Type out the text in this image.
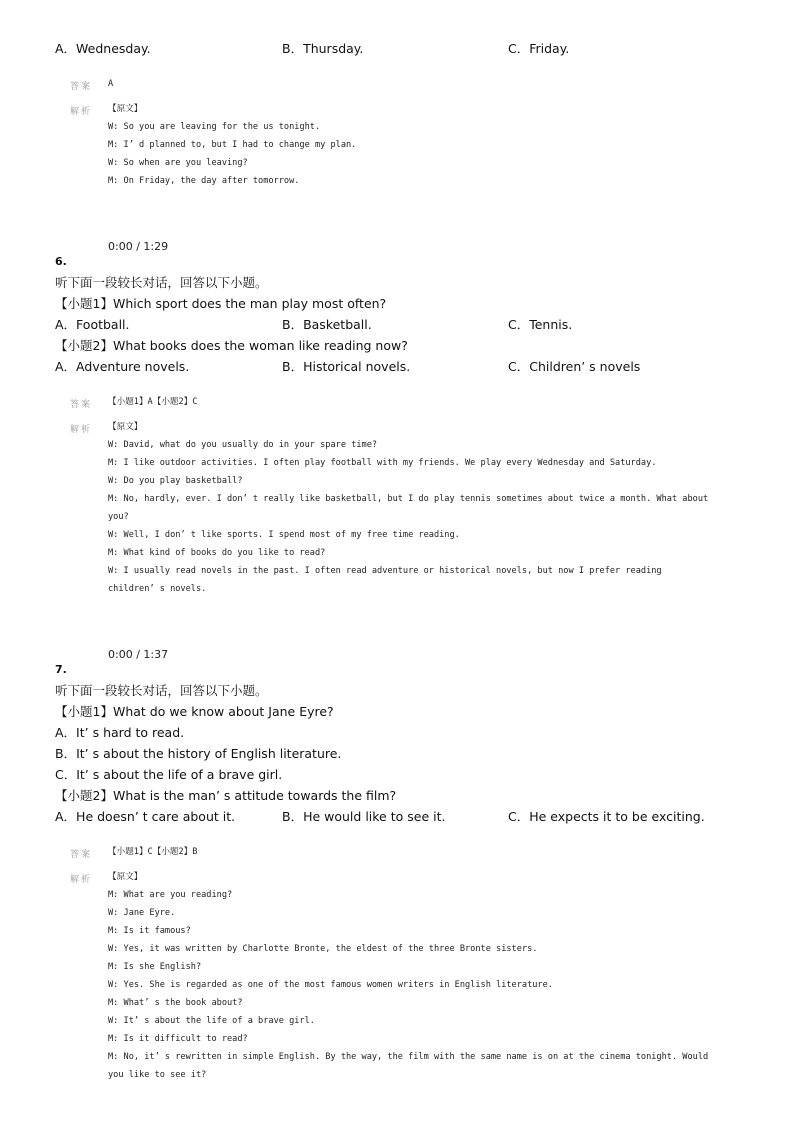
A．Wednesday.	B．Thursday.	C．Friday.
答案 A
解析 【原文】
W: So you are leaving for the us tonight.
M: I’ d planned to, but I had to change my plan.
W: So when are you leaving?
M: On Friday, the day after tomorrow.
0:00 / 1:29
6.
听下面一段较长对话，回答以下小题。
【小题1】Which sport does the man play most often?
A．Football.	B．Basketball.	C．Tennis.
【小题2】What books does the woman like reading now?
A．Adventure novels.	B．Historical novels.	C．Children’ s novels
答案 【小题1】A【小题2】C
解析 【原文】
W: David, what do you usually do in your spare time?
M: I like outdoor activities. I often play football with my friends. We play every Wednesday and Saturday.
W: Do you play basketball?
M: No, hardly, ever. I don’ t really like basketball, but I do play tennis sometimes about twice a month. What about
you?
W: Well, I don’ t like sports. I spend most of my free time reading.
M: What kind of books do you like to read?
W: I usually read novels in the past. I often read adventure or historical novels, but now I prefer reading
children’ s novels.
0:00 / 1:37
7.
听下面一段较长对话，回答以下小题。
【小题1】What do we know about Jane Eyre?
A．It’ s hard to read.
B．It’ s about the history of English literature.
C．It’ s about the life of a brave girl.
【小题2】What is the man’ s attitude towards the film?
A．He doesn’ t care about it.	B．He would like to see it.	C．He expects it to be exciting.
答案 【小题1】C【小题2】B
解析 【原文】
M: What are you reading?
W: Jane Eyre.
M: Is it famous?
W: Yes, it was written by Charlotte Bronte, the eldest of the three Bronte sisters.
M: Is she English?
W: Yes. She is regarded as one of the most famous women writers in English literature.
M: What’ s the book about?
W: It’ s about the life of a brave girl.
M: Is it difficult to read?
M: No, it’ s rewritten in simple English. By the way, the film with the same name is on at the cinema tonight. Would
you like to see it?
